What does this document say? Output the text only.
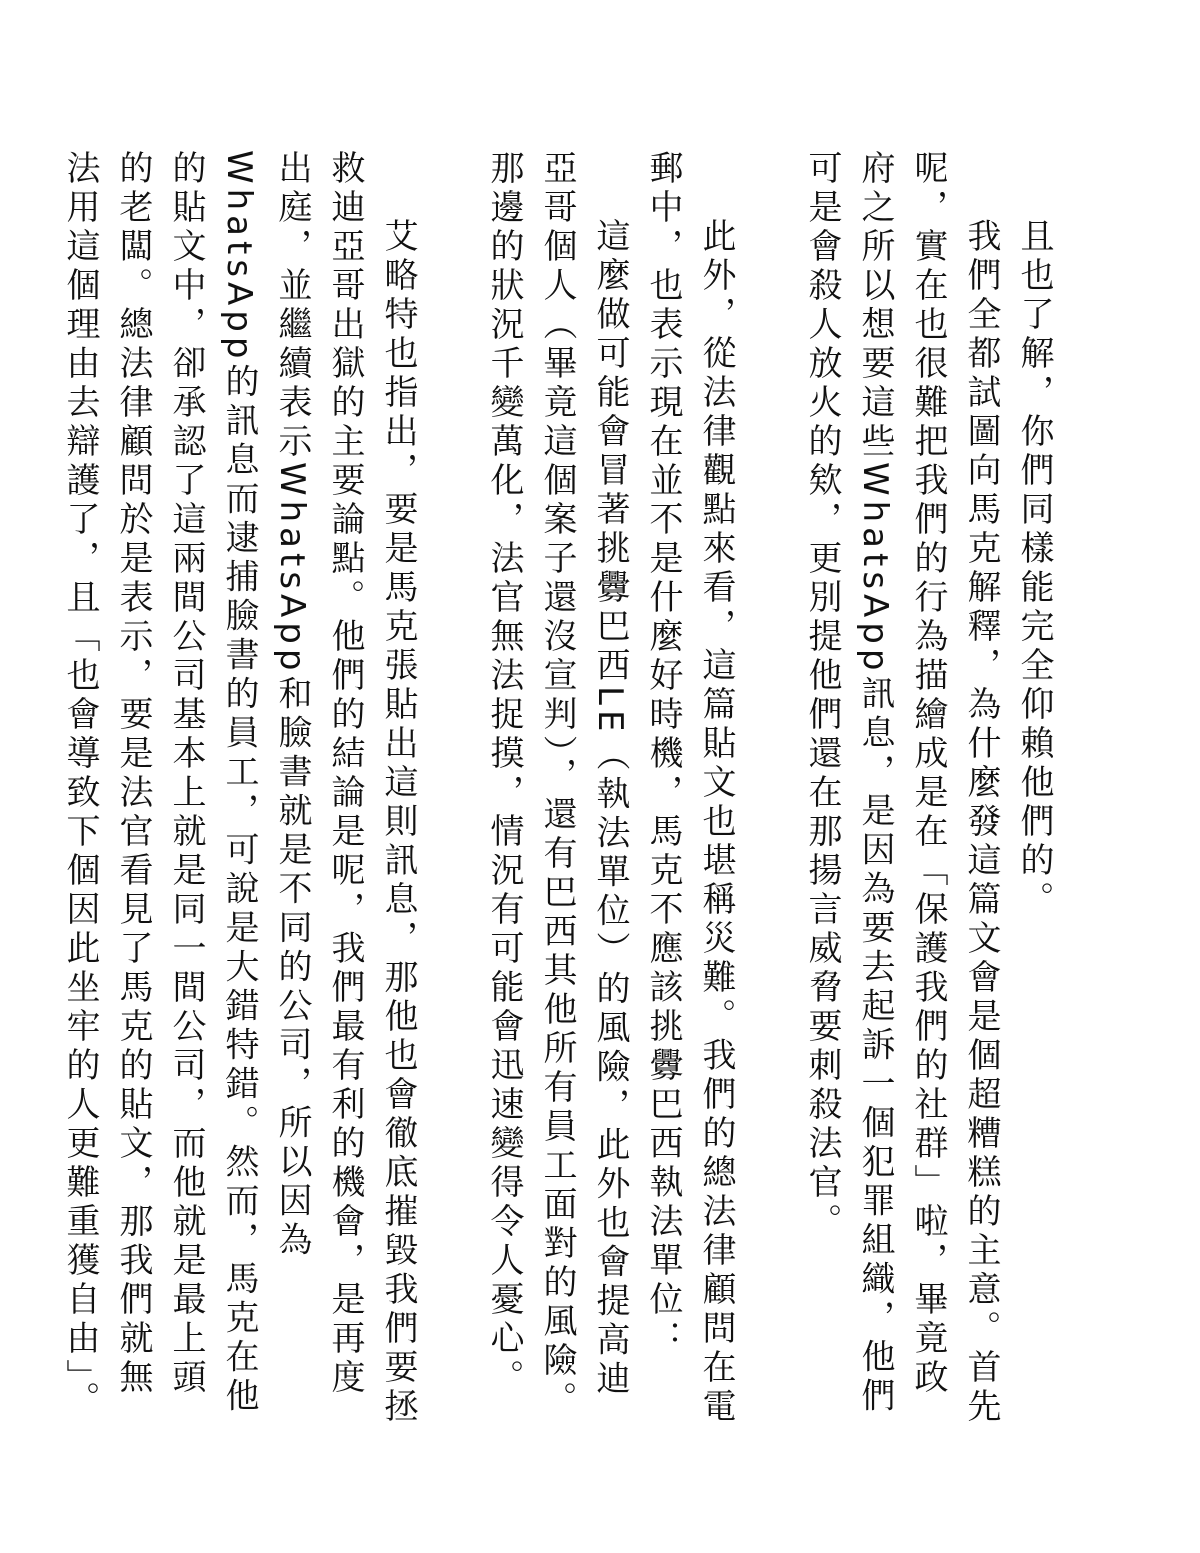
且也了解，你們同樣能完全仰賴他們的。

我們全都試圖向馬克解釋，為什麼發這篇文會是個超糟糕的主意。首先呢，實在也很難把我們的行為描繪成是在「保護我們的社群」啦，畢竟政府之所以想要這些WhatsApp訊息，是因為要去起訴一個犯罪組織，他們可是會殺人放火的欸，更別提他們還在那揚言威脅要刺殺法官。

此外，從法律觀點來看，這篇貼文也堪稱災難。我們的總法律顧問在電郵中，也表示現在並不是什麼好時機，馬克不應該挑釁巴西執法單位：

這麼做可能會冒著挑釁巴西LE（執法單位）的風險，此外也會提高迪亞哥個人（畢竟這個案子還沒宣判），還有巴西其他所有員工面對的風險。那邊的狀況千變萬化，法官無法捉摸，情況有可能會迅速變得令人憂心。

艾略特也指出，要是馬克張貼出這則訊息，那他也會徹底摧毀我們要拯救迪亞哥出獄的主要論點。他們的結論是呢，我們最有利的機會，是再度出庭，並繼續表示WhatsApp和臉書就是不同的公司，所以因為WhatsApp的訊息而逮捕臉書的員工，可說是大錯特錯。然而，馬克在他的貼文中，卻承認了這兩間公司基本上就是同一間公司，而他就是最上頭的老闆。總法律顧問於是表示，要是法官看見了馬克的貼文，那我們就無法用這個理由去辯護了，且「也會導致下個因此坐牢的人更難重獲自由」。
